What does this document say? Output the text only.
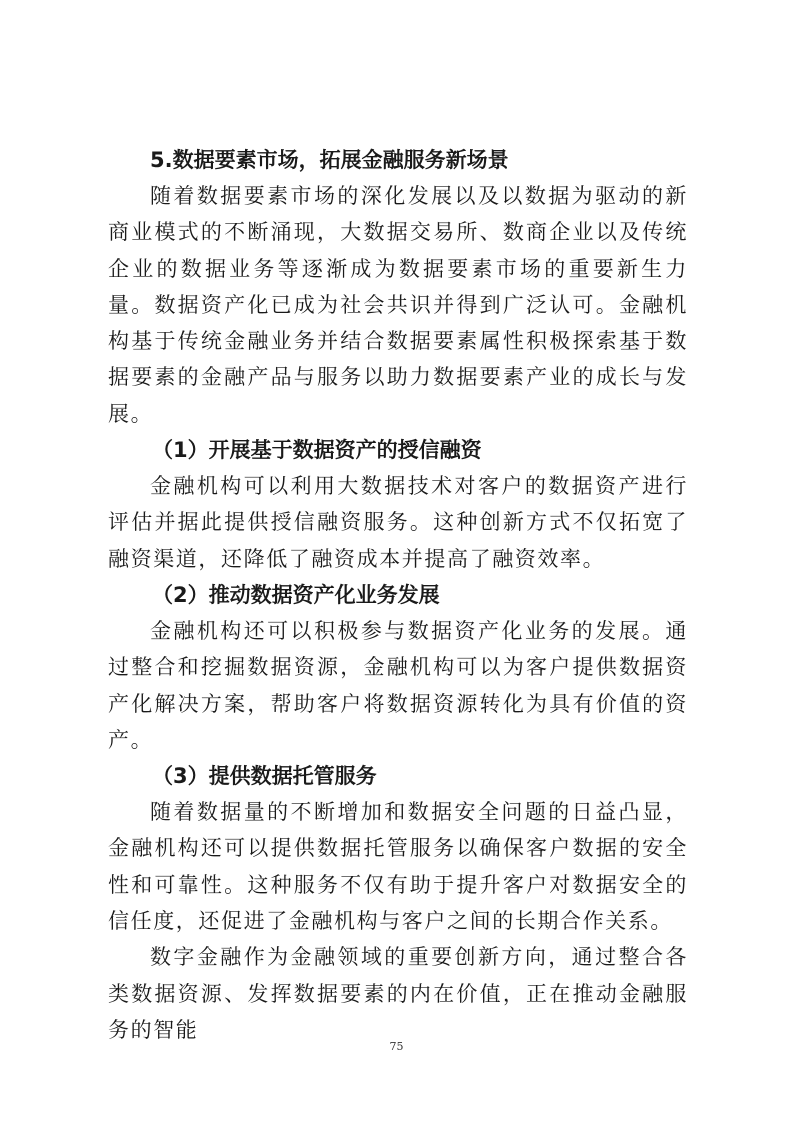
5.数据要素市场，拓展金融服务新场景

随着数据要素市场的深化发展以及以数据为驱动的新商业模式的不断涌现，大数据交易所、数商企业以及传统企业的数据业务等逐渐成为数据要素市场的重要新生力量。数据资产化已成为社会共识并得到广泛认可。金融机构基于传统金融业务并结合数据要素属性积极探索基于数据要素的金融产品与服务以助力数据要素产业的成长与发展。

（1）开展基于数据资产的授信融资

金融机构可以利用大数据技术对客户的数据资产进行评估并据此提供授信融资服务。这种创新方式不仅拓宽了融资渠道，还降低了融资成本并提高了融资效率。

（2）推动数据资产化业务发展

金融机构还可以积极参与数据资产化业务的发展。通过整合和挖掘数据资源，金融机构可以为客户提供数据资产化解决方案，帮助客户将数据资源转化为具有价值的资产。

（3）提供数据托管服务

随着数据量的不断增加和数据安全问题的日益凸显，金融机构还可以提供数据托管服务以确保客户数据的安全性和可靠性。这种服务不仅有助于提升客户对数据安全的信任度，还促进了金融机构与客户之间的长期合作关系。

数字金融作为金融领域的重要创新方向，通过整合各类数据资源、发挥数据要素的内在价值，正在推动金融服务的智能

75
